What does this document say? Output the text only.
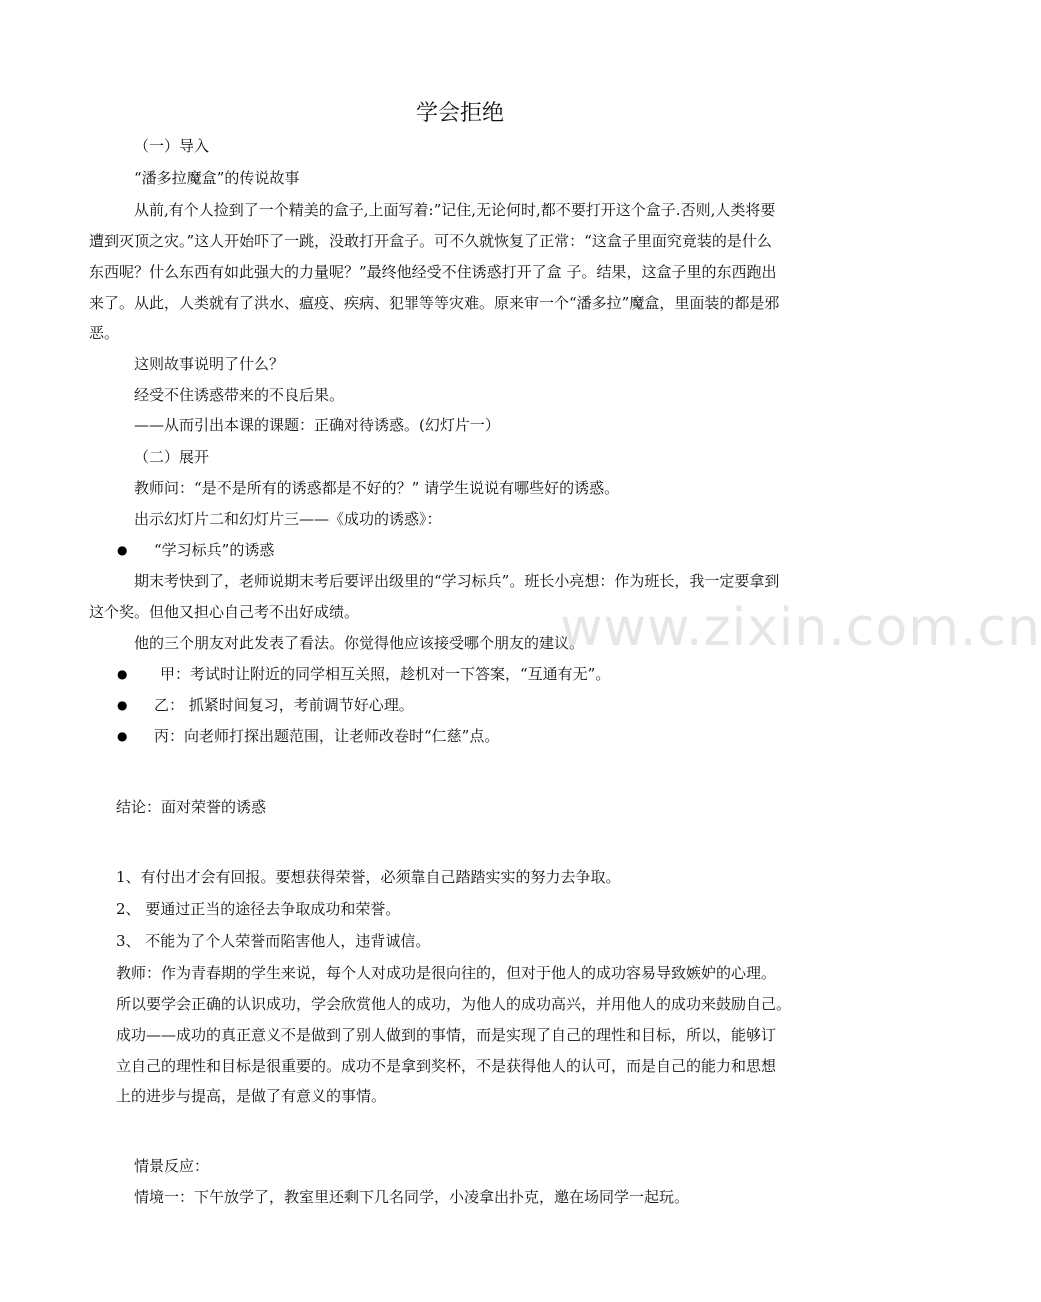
www.zixin.com.cn
学会拒绝
（一）导入
“潘多拉魔盒”的传说故事
从前,有个人捡到了一个精美的盒子,上面写着:”记住,无论何时,都不要打开这个盒子.否则,人类将要
遭到灭顶之灾。”这人开始吓了一跳，没敢打开盒子。可不久就恢复了正常：“这盒子里面究竟装的是什么
东西呢？什么东西有如此强大的力量呢？”最终他经受不住诱惑打开了盒 子。结果，这盒子里的东西跑出
来了。从此，人类就有了洪水、瘟疫、疾病、犯罪等等灾难。原来审一个“潘多拉”魔盒，里面装的都是邪
恶。
这则故事说明了什么？
经受不住诱惑带来的不良后果。
——从而引出本课的课题：正确对待诱惑。(幻灯片一）
（二）展开
教师问：“是不是所有的诱惑都是不好的？” 请学生说说有哪些好的诱惑。
出示幻灯片二和幻灯片三——《成功的诱惑》：
● “学习标兵”的诱惑
期末考快到了，老师说期末考后要评出级里的“学习标兵”。班长小亮想：作为班长，我一定要拿到
这个奖。但他又担心自己考不出好成绩。
他的三个朋友对此发表了看法。你觉得他应该接受哪个朋友的建议。
● 甲：考试时让附近的同学相互关照，趁机对一下答案，“互通有无”。
● 乙： 抓紧时间复习，考前调节好心理。
● 丙：向老师打探出题范围，让老师改卷时“仁慈”点。
结论：面对荣誉的诱惑
1、有付出才会有回报。要想获得荣誉，必须靠自己踏踏实实的努力去争取。
2、 要通过正当的途径去争取成功和荣誉。
3、 不能为了个人荣誉而陷害他人，违背诚信。
教师：作为青春期的学生来说，每个人对成功是很向往的，但对于他人的成功容易导致嫉妒的心理。
所以要学会正确的认识成功，学会欣赏他人的成功，为他人的成功高兴，并用他人的成功来鼓励自己。
成功——成功的真正意义不是做到了别人做到的事情，而是实现了自己的理性和目标，所以，能够订
立自己的理性和目标是很重要的。成功不是拿到奖杯，不是获得他人的认可，而是自己的能力和思想
上的进步与提高，是做了有意义的事情。
情景反应：
情境一：下午放学了，教室里还剩下几名同学，小凌拿出扑克，邀在场同学一起玩。
